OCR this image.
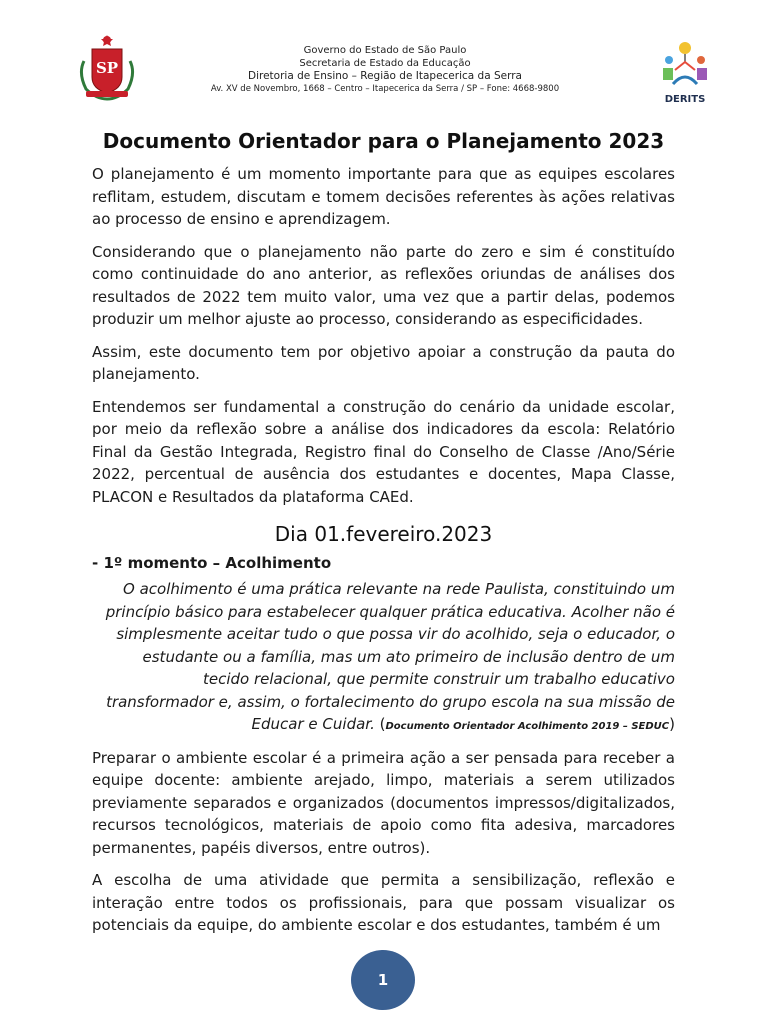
SP
Governo do Estado de São Paulo
Secretaria de Estado da Educação
Diretoria de Ensino – Região de Itapecerica da Serra
Av. XV de Novembro, 1668 – Centro – Itapecerica da Serra / SP – Fone: 4668-9800
DERITS
Documento Orientador para o Planejamento 2023

O planejamento é um momento importante para que as equipes escolares reflitam, estudem, discutam e tomem decisões referentes às ações relativas ao processo de ensino e aprendizagem.

Considerando que o planejamento não parte do zero e sim é constituído como continuidade do ano anterior, as reflexões oriundas de análises dos resultados de 2022 tem muito valor, uma vez que a partir delas, podemos produzir um melhor ajuste ao processo, considerando as especificidades.

Assim, este documento tem por objetivo apoiar a construção da pauta do planejamento.

Entendemos ser fundamental a construção do cenário da unidade escolar, por meio da reflexão sobre a análise dos indicadores da escola: Relatório Final da Gestão Integrada, Registro final do Conselho de Classe /Ano/Série 2022, percentual de ausência dos estudantes e docentes, Mapa Classe, PLACON e Resultados da plataforma CAEd.

Dia 01.fevereiro.2023
- 1º momento – Acolhimento
O acolhimento é uma prática relevante na rede Paulista, constituindo um princípio básico para estabelecer qualquer prática educativa. Acolher não é simplesmente aceitar tudo o que possa vir do acolhido, seja o educador, o estudante ou a família, mas um ato primeiro de inclusão dentro de um tecido relacional, que permite construir um trabalho educativo transformador e, assim, o fortalecimento do grupo escola na sua missão de Educar e Cuidar. (Documento Orientador Acolhimento 2019 – SEDUC)

Preparar o ambiente escolar é a primeira ação a ser pensada para receber a equipe docente: ambiente arejado, limpo, materiais a serem utilizados previamente separados e organizados (documentos impressos/digitalizados, recursos tecnológicos, materiais de apoio como fita adesiva, marcadores permanentes, papéis diversos, entre outros).

A escolha de uma atividade que permita a sensibilização, reflexão e interação entre todos os profissionais, para que possam visualizar os potenciais da equipe, do ambiente escolar e dos estudantes, também é um

1
